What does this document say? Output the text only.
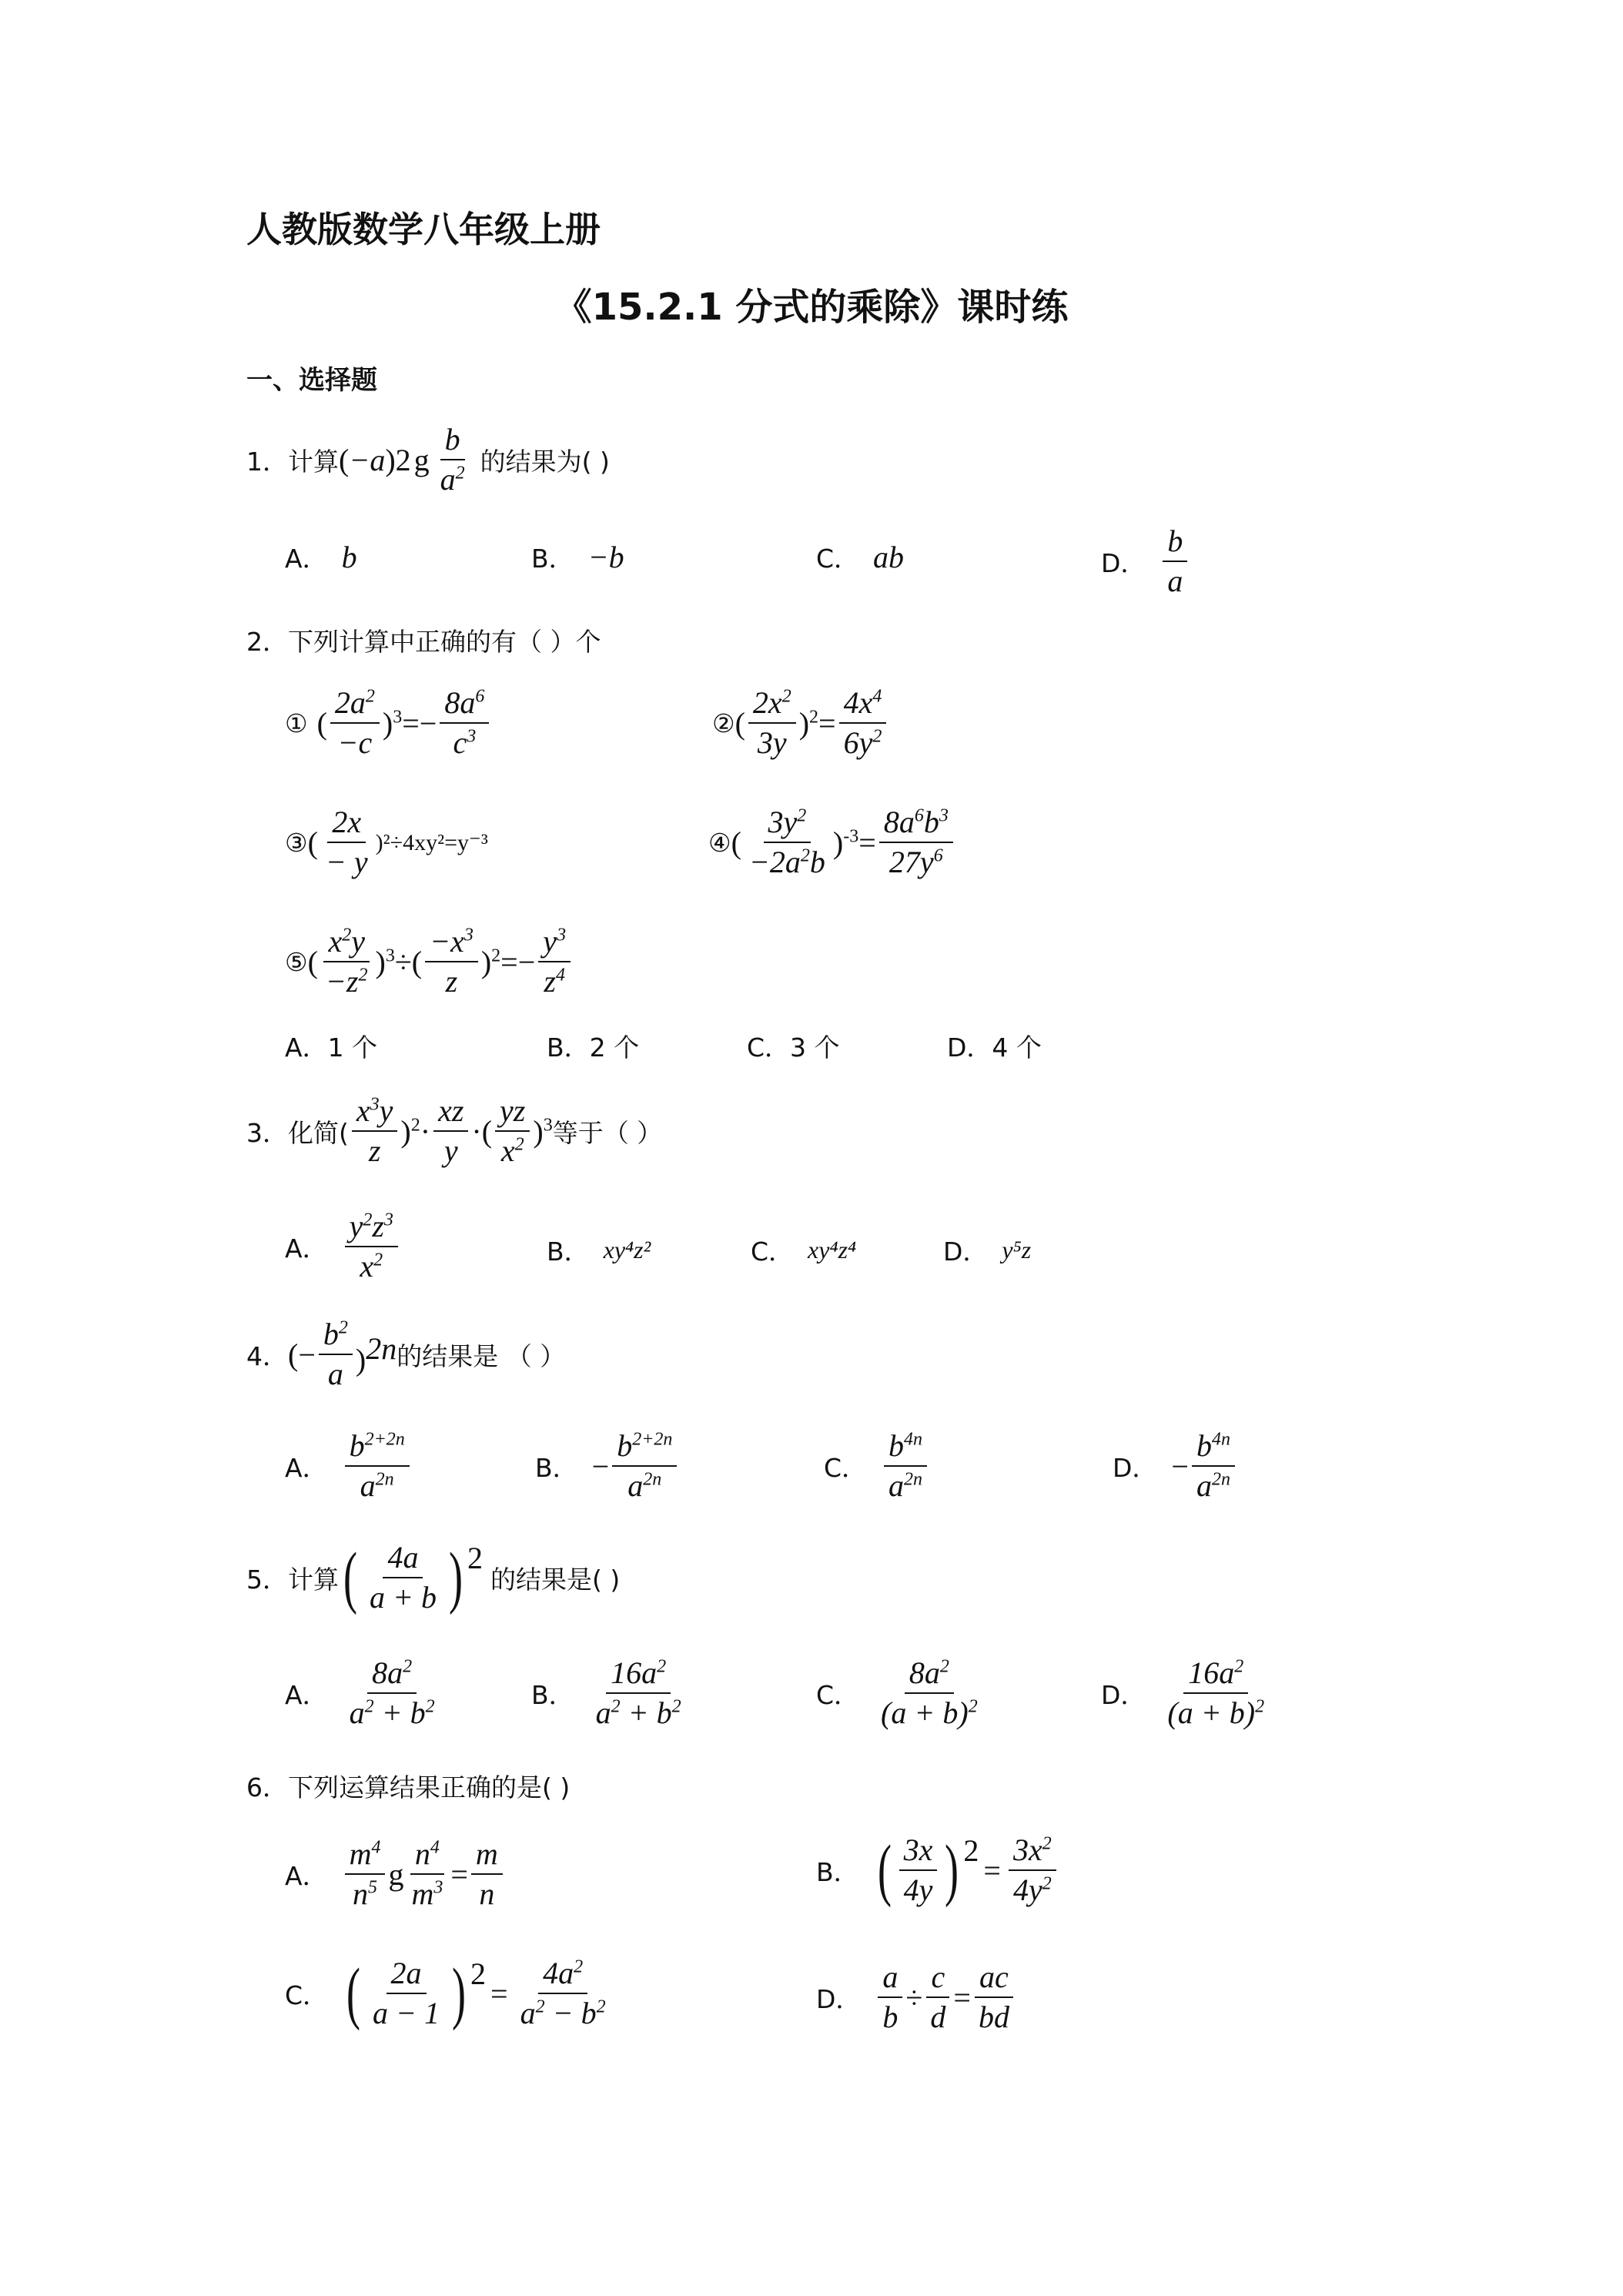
人教版数学八年级上册
《15.2.1 分式的乘除》课时练
一、选择题
1． 计算 ( −a ) 2 g $\frac{b}{a^2}$ 的结果为( )
A． b	B． −b	C． ab	D． $\frac{b}{a}$
2．下列计算中正确的有（ ）个
① ( $\frac{2a^2}{-c} )^3=- \frac{8a^6}{c^3}$	② ( $\frac{2x^2}{3y} )^2= \frac{4x^4}{6y^2}$
③ ( $\frac{2x}{- y} )^2\div 4xy^2=y^{-3}$	④ ( $\frac{3y^2}{-2a^2b} )^{-3}= \frac{8a^6b^3}{27y^6}$
⑤ ( $\frac{x^2y}{-z^2} )^3\div( \frac{-x^3}{z} )^2=- \frac{y^3}{z^4}$
A．1 个	B．2 个	C．3 个	D．4 个
3． 化简( $\frac{x^3y}{z} )^2\cdot \frac{xz}{y}$ ·( $\frac{yz}{x^2} )^3$ 等于（ ）
A． $\frac{y^2z^3}{x^2}$	B． xy⁴z²	C． xy⁴z⁴	D． y⁵z
4． (− $\frac{b^2}{a} )^{2n}$ 的结果是 （ ）
A． $\frac{b^{2+2n}}{a^{2n}}$	B． − $\frac{b^{2+2n}}{a^{2n}}$	C． $\frac{b^{4n}}{a^{2n}}$	D． − $\frac{b^{4n}}{a^{2n}}$
5． 计算 ( $\frac{4a}{a + b}$ ) 2
的结果是( )
A． $\frac{8a^2}{a^2 + b^2}$	B． $\frac{16a^2}{a^2 + b^2}$	C． $\frac{8a^2}{(a + b)^2}$	D． $\frac{16a^2}{(a + b)^2}$
6．下列运算结果正确的是( )
A． $\frac{m^4}{n^5}$ g $\frac{n^4}{m^3} = \frac{m}{n}$	B． ( $\frac{3x}{4y}$ ) 2
= $\frac{3x^2}{4y^2}$
C． ( $\frac{2a}{a - 1}$ ) 2
= $\frac{4a^2}{a^2 - b^2}$	D． $\frac{a}{b} \div \frac{c}{d} = \frac{ac}{bd}$
